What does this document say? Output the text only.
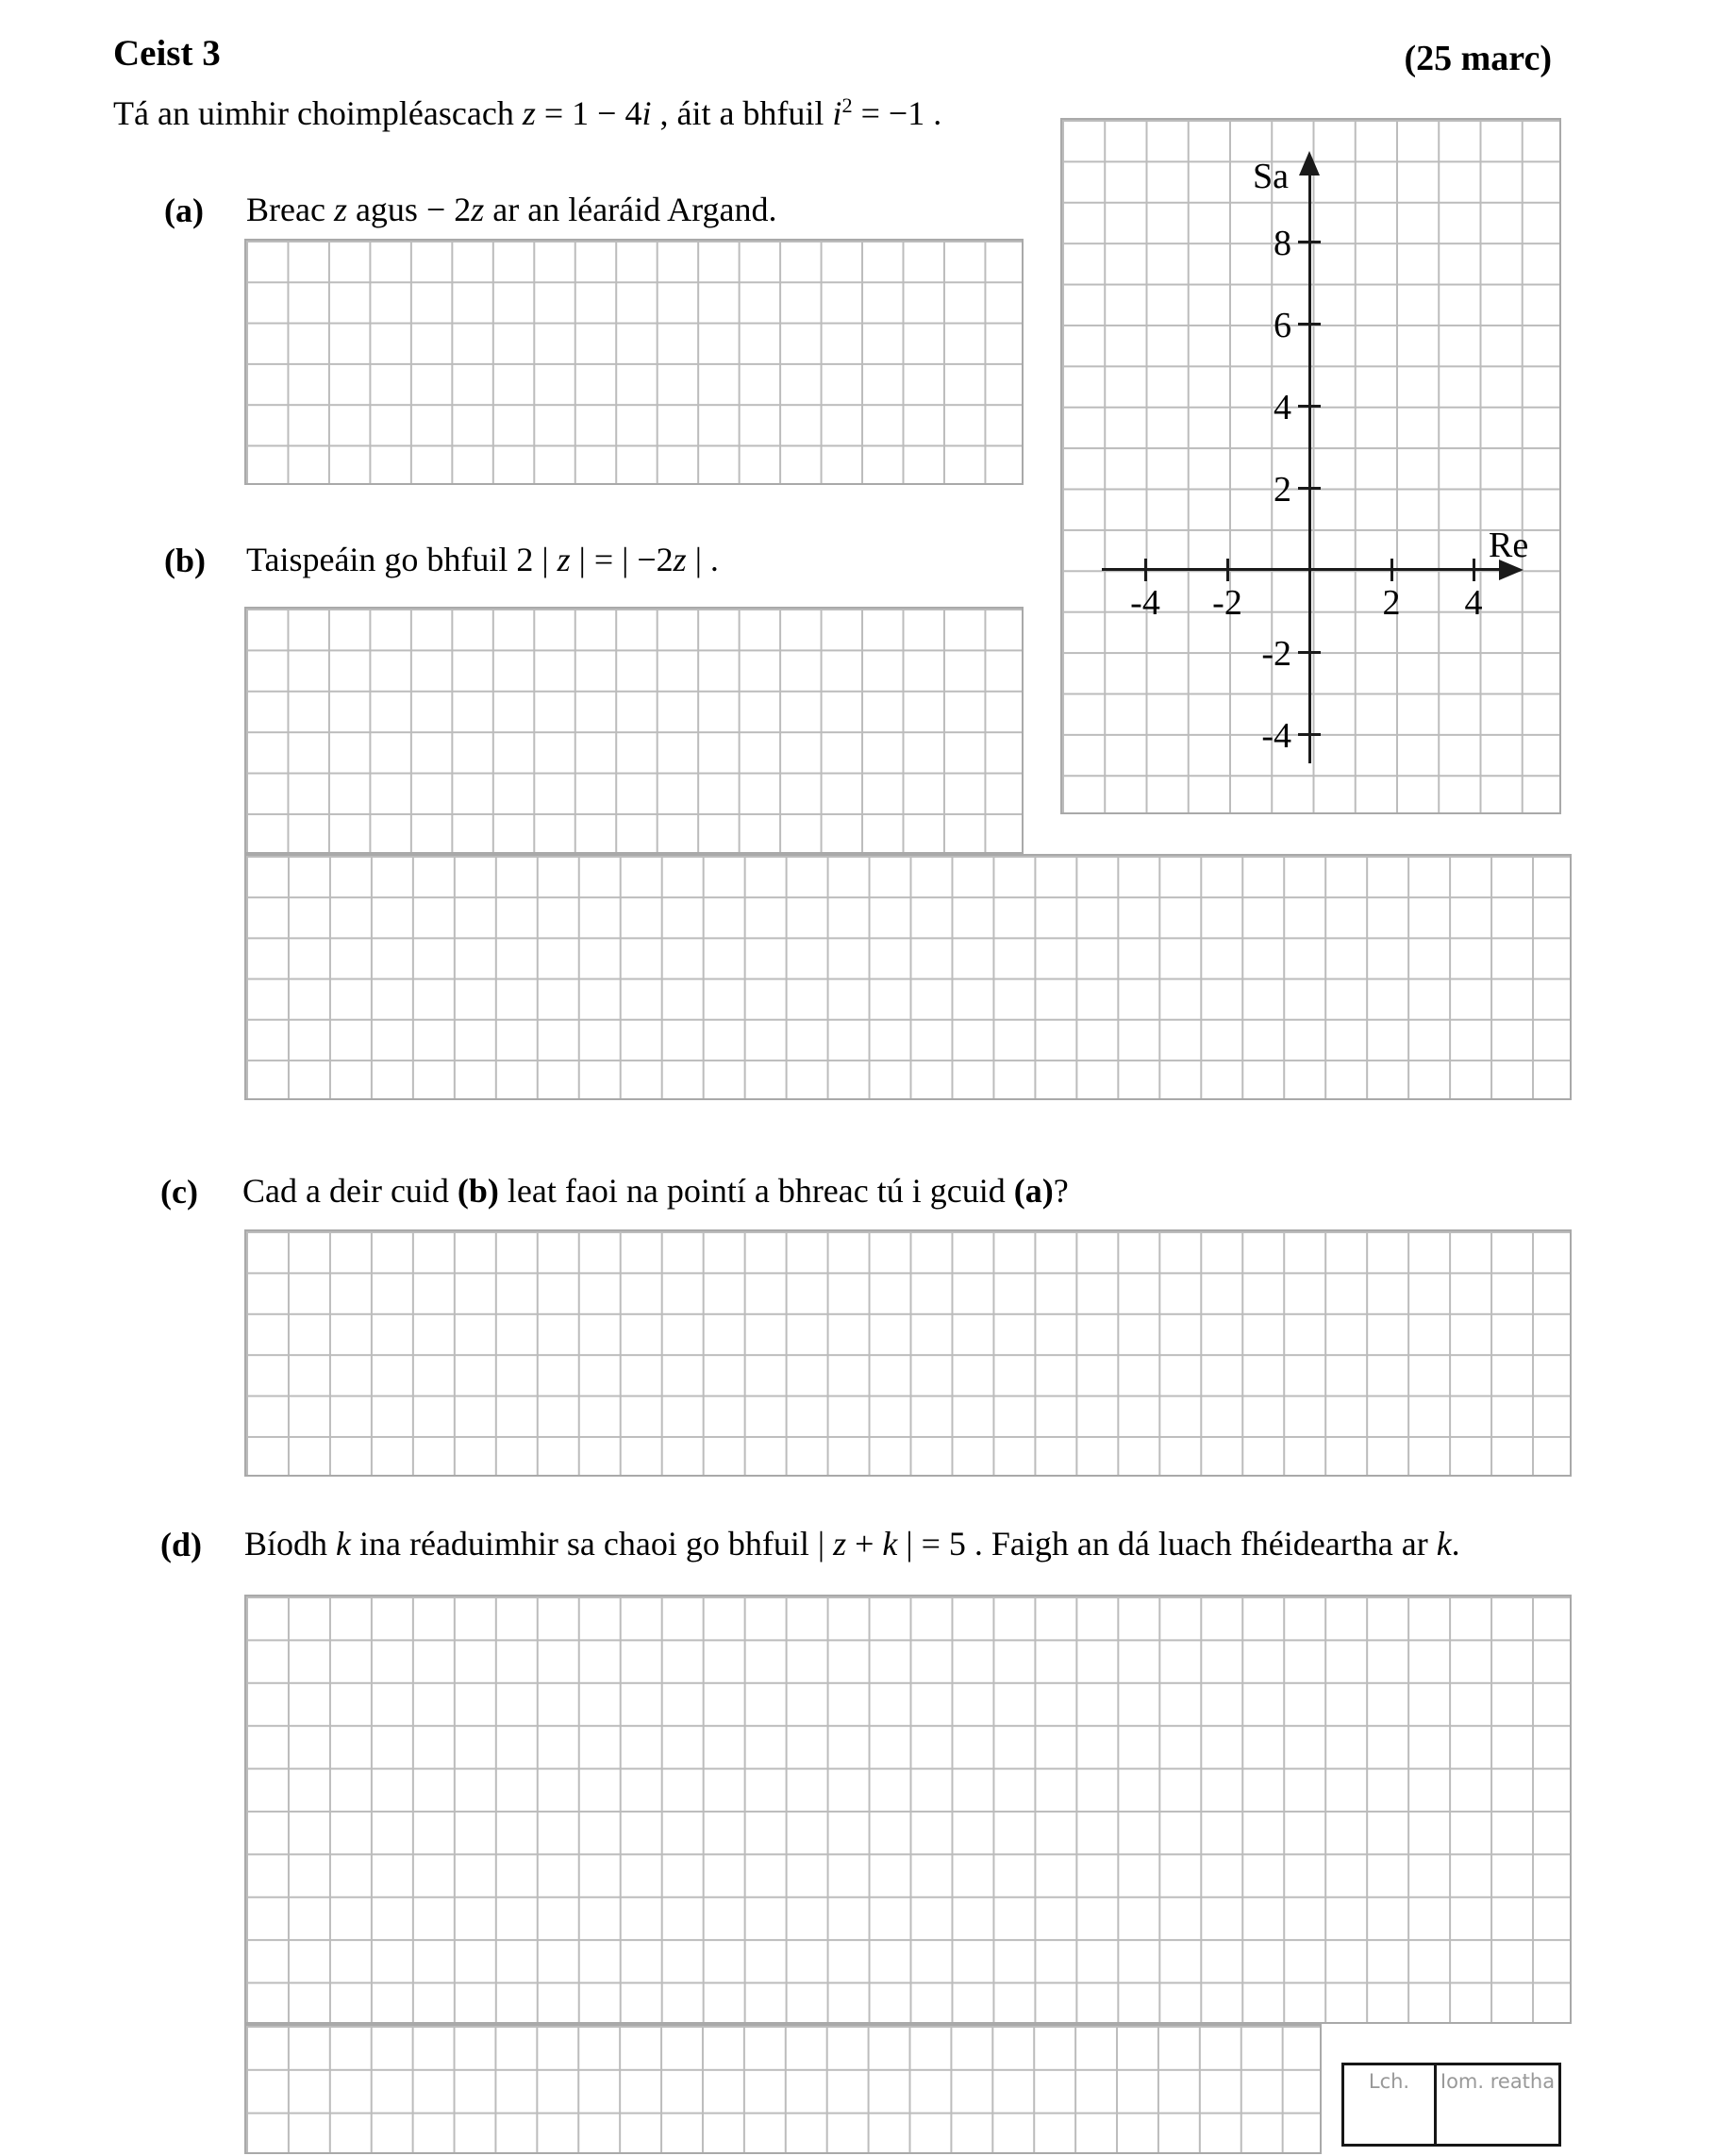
Ceist 3	(25 marc)
Tá an uimhir choimpléascach z = 1 − 4i , áit a bhfuil $i^2 = -1$ .
(a) Breac z agus − 2z ar an léaráid Argand.
Sa
Re
-4	-2	2	4
8
6
4
2
-2
-4
(b) Taispeáin go bhfuil 2 | z | = | −2z | .
(c) Cad a deir cuid (b) leat faoi na pointí a bhreac tú i gcuid (a)?
(d) Bíodh k ina réaduimhir sa chaoi go bhfuil | z + k | = 5 . Faigh an dá luach fhéideartha ar k.
Lch.	Iom. reatha
